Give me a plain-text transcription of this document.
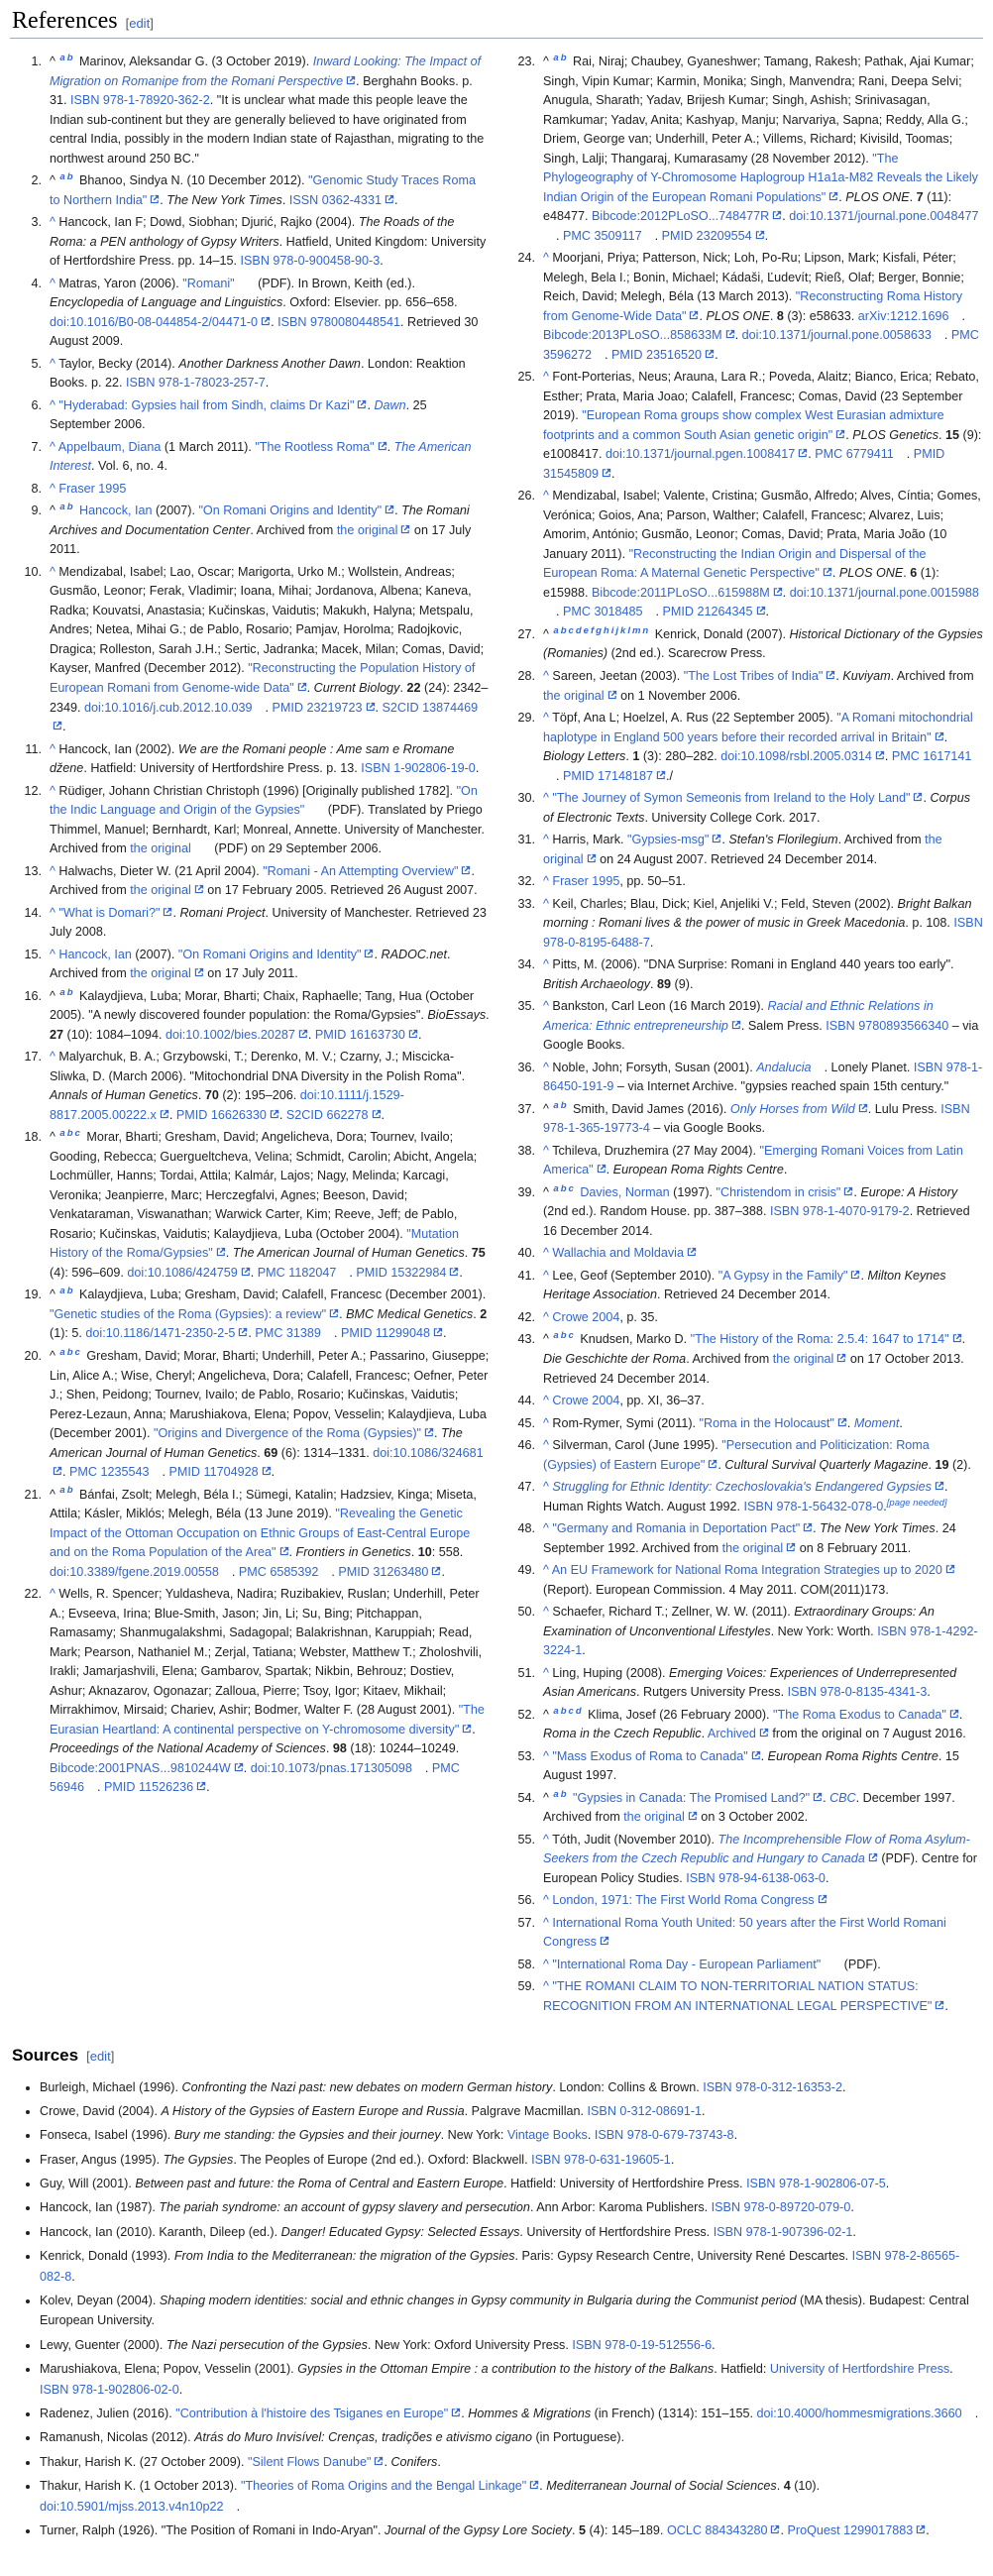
References [edit]
^ $^{a b}$ Marinov, Aleksandar G. (3 October 2019). Inward Looking: The Impact of Migration on Romanipe from the Romani Perspective . Berghahn Books. p. 31. ISBN 978-1-78920-362-2. "It is unclear what made this people leave the Indian sub-continent but they are generally believed to have originated from central India, possibly in the modern Indian state of Rajasthan, migrating to the northwest around 250 BC."
^ $^{a b}$ Bhanoo, Sindya N. (10 December 2012). "Genomic Study Traces Roma to Northern India" . The New York Times. ISSN 0362-4331 .
^ Hancock, Ian F; Dowd, Siobhan; Djurić, Rajko (2004). The Roads of the Roma: a PEN anthology of Gypsy Writers. Hatfield, United Kingdom: University of Hertfordshire Press. pp. 14–15. ISBN 978-0-900458-90-3.
^ Matras, Yaron (2006). "Romani"  (PDF). In Brown, Keith (ed.). Encyclopedia of Language and Linguistics. Oxford: Elsevier. pp. 656–658. doi:10.1016/B0-08-044854-2/04471-0 . ISBN 9780080448541. Retrieved 30 August 2009.
^ Taylor, Becky (2014). Another Darkness Another Dawn. London: Reaktion Books. p. 22. ISBN 978-1-78023-257-7.
^ "Hyderabad: Gypsies hail from Sindh, claims Dr Kazi" . Dawn. 25 September 2006.
^ Appelbaum, Diana (1 March 2011). "The Rootless Roma" . The American Interest. Vol. 6, no. 4.
^ Fraser 1995
^ $^{a b}$ Hancock, Ian (2007). "On Romani Origins and Identity" . The Romani Archives and Documentation Center. Archived from the original on 17 July 2011.
^ Mendizabal, Isabel; Lao, Oscar; Marigorta, Urko M.; Wollstein, Andreas; Gusmão, Leonor; Ferak, Vladimir; Ioana, Mihai; Jordanova, Albena; Kaneva, Radka; Kouvatsi, Anastasia; Kučinskas, Vaidutis; Makukh, Halyna; Metspalu, Andres; Netea, Mihai G.; de Pablo, Rosario; Pamjav, Horolma; Radojkovic, Dragica; Rolleston, Sarah J.H.; Sertic, Jadranka; Macek, Milan; Comas, David; Kayser, Manfred (December 2012). "Reconstructing the Population History of European Romani from Genome-wide Data" . Current Biology. 22 (24): 2342–2349. doi:10.1016/j.cub.2012.10.039 . PMID 23219723 . S2CID 13874469.
^ Hancock, Ian (2002). We are the Romani people : Ame sam e Rromane džene. Hatfield: University of Hertfordshire Press. p. 13. ISBN 1-902806-19-0.
^ Rüdiger, Johann Christian Christoph (1996) [Originally published 1782]. "On the Indic Language and Origin of the Gypsies"  (PDF). Translated by Priego Thimmel, Manuel; Bernhardt, Karl; Monreal, Annette. University of Manchester. Archived from the original  (PDF) on 29 September 2006.
^ Halwachs, Dieter W. (21 April 2004). "Romani - An Attempting Overview" . Archived from the original on 17 February 2005. Retrieved 26 August 2007.
^ "What is Domari?" . Romani Project. University of Manchester. Retrieved 23 July 2008.
^ Hancock, Ian (2007). "On Romani Origins and Identity" . RADOC.net. Archived from the original on 17 July 2011.
^ $^{a b}$ Kalaydjieva, Luba; Morar, Bharti; Chaix, Raphaelle; Tang, Hua (October 2005). "A newly discovered founder population: the Roma/Gypsies". BioEssays. 27 (10): 1084–1094. doi:10.1002/bies.20287 . PMID 16163730 .
^ Malyarchuk, B. A.; Grzybowski, T.; Derenko, M. V.; Czarny, J.; Miscicka-Sliwka, D. (March 2006). "Mitochondrial DNA Diversity in the Polish Roma". Annals of Human Genetics. 70 (2): 195–206. doi:10.1111/j.1529-8817.2005.00222.x . PMID 16626330 . S2CID 662278 .
^ $^{a b c}$ Morar, Bharti; Gresham, David; Angelicheva, Dora; Tournev, Ivailo; Gooding, Rebecca; Guergueltcheva, Velina; Schmidt, Carolin; Abicht, Angela; Lochmüller, Hanns; Tordai, Attila; Kalmár, Lajos; Nagy, Melinda; Karcagi, Veronika; Jeanpierre, Marc; Herczegfalvi, Agnes; Beeson, David; Venkataraman, Viswanathan; Warwick Carter, Kim; Reeve, Jeff; de Pablo, Rosario; Kučinskas, Vaidutis; Kalaydjieva, Luba (October 2004). "Mutation History of the Roma/Gypsies" . The American Journal of Human Genetics. 75 (4): 596–609. doi:10.1086/424759 . PMC 1182047 . PMID 15322984 .
^ $^{a b}$ Kalaydjieva, Luba; Gresham, David; Calafell, Francesc (December 2001). "Genetic studies of the Roma (Gypsies): a review" . BMC Medical Genetics. 2 (1): 5. doi:10.1186/1471-2350-2-5 . PMC 31389 . PMID 11299048 .
^ $^{a b c}$ Gresham, David; Morar, Bharti; Underhill, Peter A.; Passarino, Giuseppe; Lin, Alice A.; Wise, Cheryl; Angelicheva, Dora; Calafell, Francesc; Oefner, Peter J.; Shen, Peidong; Tournev, Ivailo; de Pablo, Rosario; Kučinskas, Vaidutis; Perez-Lezaun, Anna; Marushiakova, Elena; Popov, Vesselin; Kalaydjieva, Luba (December 2001). "Origins and Divergence of the Roma (Gypsies)" . The American Journal of Human Genetics. 69 (6): 1314–1331. doi:10.1086/324681. PMC 1235543 . PMID 11704928 .
^ $^{a b}$ Bánfai, Zsolt; Melegh, Béla I.; Sümegi, Katalin; Hadzsiev, Kinga; Miseta, Attila; Kásler, Miklós; Melegh, Béla (13 June 2019). "Revealing the Genetic Impact of the Ottoman Occupation on Ethnic Groups of East-Central Europe and on the Roma Population of the Area" . Frontiers in Genetics. 10: 558. doi:10.3389/fgene.2019.00558 . PMC 6585392 . PMID 31263480 .
^ Wells, R. Spencer; Yuldasheva, Nadira; Ruzibakiev, Ruslan; Underhill, Peter A.; Evseeva, Irina; Blue-Smith, Jason; Jin, Li; Su, Bing; Pitchappan, Ramasamy; Shanmugalakshmi, Sadagopal; Balakrishnan, Karuppiah; Read, Mark; Pearson, Nathaniel M.; Zerjal, Tatiana; Webster, Matthew T.; Zholoshvili, Irakli; Jamarjashvili, Elena; Gambarov, Spartak; Nikbin, Behrouz; Dostiev, Ashur; Aknazarov, Ogonazar; Zalloua, Pierre; Tsoy, Igor; Kitaev, Mikhail; Mirrakhimov, Mirsaid; Chariev, Ashir; Bodmer, Walter F. (28 August 2001). "The Eurasian Heartland: A continental perspective on Y-chromosome diversity" . Proceedings of the National Academy of Sciences. 98 (18): 10244–10249. Bibcode:2001PNAS...9810244W . doi:10.1073/pnas.171305098 . PMC 56946 . PMID 11526236 .
^ $^{a b}$ Rai, Niraj; Chaubey, Gyaneshwer; Tamang, Rakesh; Pathak, Ajai Kumar; Singh, Vipin Kumar; Karmin, Monika; Singh, Manvendra; Rani, Deepa Selvi; Anugula, Sharath; Yadav, Brijesh Kumar; Singh, Ashish; Srinivasagan, Ramkumar; Yadav, Anita; Kashyap, Manju; Narvariya, Sapna; Reddy, Alla G.; Driem, George van; Underhill, Peter A.; Villems, Richard; Kivisild, Toomas; Singh, Lalji; Thangaraj, Kumarasamy (28 November 2012). "The Phylogeography of Y-Chromosome Haplogroup H1a1a-M82 Reveals the Likely Indian Origin of the European Romani Populations" . PLOS ONE. 7 (11): e48477. Bibcode:2012PLoSO...748477R . doi:10.1371/journal.pone.0048477 . PMC 3509117 . PMID 23209554 .
^ Moorjani, Priya; Patterson, Nick; Loh, Po-Ru; Lipson, Mark; Kisfali, Péter; Melegh, Bela I.; Bonin, Michael; Kádaši, Ľudevít; Rieß, Olaf; Berger, Bonnie; Reich, David; Melegh, Béla (13 March 2013). "Reconstructing Roma History from Genome-Wide Data" . PLOS ONE. 8 (3): e58633. arXiv:1212.1696 . Bibcode:2013PLoSO...858633M . doi:10.1371/journal.pone.0058633 . PMC 3596272 . PMID 23516520 .
^ Font-Porterias, Neus; Arauna, Lara R.; Poveda, Alaitz; Bianco, Erica; Rebato, Esther; Prata, Maria Joao; Calafell, Francesc; Comas, David (23 September 2019). "European Roma groups show complex West Eurasian admixture footprints and a common South Asian genetic origin" . PLOS Genetics. 15 (9): e1008417. doi:10.1371/journal.pgen.1008417 . PMC 6779411 . PMID 31545809 .
^ Mendizabal, Isabel; Valente, Cristina; Gusmão, Alfredo; Alves, Cíntia; Gomes, Verónica; Goios, Ana; Parson, Walther; Calafell, Francesc; Alvarez, Luis; Amorim, António; Gusmão, Leonor; Comas, David; Prata, Maria João (10 January 2011). "Reconstructing the Indian Origin and Dispersal of the European Roma: A Maternal Genetic Perspective" . PLOS ONE. 6 (1): e15988. Bibcode:2011PLoSO...615988M . doi:10.1371/journal.pone.0015988 . PMC 3018485 . PMID 21264345 .
^ $^{a b c d e f g h i j k l m n}$ Kenrick, Donald (2007). Historical Dictionary of the Gypsies (Romanies) (2nd ed.). Scarecrow Press.
^ Sareen, Jeetan (2003). "The Lost Tribes of India" . Kuviyam. Archived from the original on 1 November 2006.
^ Töpf, Ana L; Hoelzel, A. Rus (22 September 2005). "A Romani mitochondrial haplotype in England 500 years before their recorded arrival in Britain" . Biology Letters. 1 (3): 280–282. doi:10.1098/rsbl.2005.0314 . PMC 1617141 . PMID 17148187 ./
^ "The Journey of Symon Semeonis from Ireland to the Holy Land" . Corpus of Electronic Texts. University College Cork. 2017.
^ Harris, Mark. "Gypsies-msg" . Stefan's Florilegium. Archived from the original on 24 August 2007. Retrieved 24 December 2014.
^ Fraser 1995, pp. 50–51.
^ Keil, Charles; Blau, Dick; Kiel, Anjeliki V.; Feld, Steven (2002). Bright Balkan morning : Romani lives & the power of music in Greek Macedonia. p. 108. ISBN 978-0-8195-6488-7.
^ Pitts, M. (2006). "DNA Surprise: Romani in England 440 years too early". British Archaeology. 89 (9).
^ Bankston, Carl Leon (16 March 2019). Racial and Ethnic Relations in America: Ethnic entrepreneurship . Salem Press. ISBN 9780893566340 – via Google Books.
^ Noble, John; Forsyth, Susan (2001). Andalucia . Lonely Planet. ISBN 978-1-86450-191-9 – via Internet Archive. "gypsies reached spain 15th century."
^ $^{a b}$ Smith, David James (2016). Only Horses from Wild . Lulu Press. ISBN 978-1-365-19773-4 – via Google Books.
^ Tchileva, Druzhemira (27 May 2004). "Emerging Romani Voices from Latin America" . European Roma Rights Centre.
^ $^{a b c}$ Davies, Norman (1997). "Christendom in crisis" . Europe: A History (2nd ed.). Random House. pp. 387–388. ISBN 978-1-4070-9179-2. Retrieved 16 December 2014.
^ Wallachia and Moldavia
^ Lee, Geof (September 2010). "A Gypsy in the Family" . Milton Keynes Heritage Association. Retrieved 24 December 2014.
^ Crowe 2004, p. 35.
^ $^{a b c}$ Knudsen, Marko D. "The History of the Roma: 2.5.4: 1647 to 1714" . Die Geschichte der Roma. Archived from the original on 17 October 2013. Retrieved 24 December 2014.
^ Crowe 2004, pp. XI, 36–37.
^ Rom-Rymer, Symi (2011). "Roma in the Holocaust" . Moment.
^ Silverman, Carol (June 1995). "Persecution and Politicization: Roma (Gypsies) of Eastern Europe" . Cultural Survival Quarterly Magazine. 19 (2).
^ Struggling for Ethnic Identity: Czechoslovakia's Endangered Gypsies . Human Rights Watch. August 1992. ISBN 978-1-56432-078-0.[page needed]
^ "Germany and Romania in Deportation Pact" . The New York Times. 24 September 1992. Archived from the original on 8 February 2011.
^ An EU Framework for National Roma Integration Strategies up to 2020 (Report). European Commission. 4 May 2011. COM(2011)173.
^ Schaefer, Richard T.; Zellner, W. W. (2011). Extraordinary Groups: An Examination of Unconventional Lifestyles. New York: Worth. ISBN 978-1-4292-3224-1.
^ Ling, Huping (2008). Emerging Voices: Experiences of Underrepresented Asian Americans. Rutgers University Press. ISBN 978-0-8135-4341-3.
^ $^{a b c d}$ Klima, Josef (26 February 2000). "The Roma Exodus to Canada" . Roma in the Czech Republic. Archived from the original on 7 August 2016.
^ "Mass Exodus of Roma to Canada" . European Roma Rights Centre. 15 August 1997.
^ $^{a b}$ "Gypsies in Canada: The Promised Land?" . CBC. December 1997. Archived from the original on 3 October 2002.
^ Tóth, Judit (November 2010). The Incomprehensible Flow of Roma Asylum-Seekers from the Czech Republic and Hungary to Canada (PDF). Centre for European Policy Studies. ISBN 978-94-6138-063-0.
^ London, 1971: The First World Roma Congress
^ International Roma Youth United: 50 years after the First World Romani Congress
^ "International Roma Day - European Parliament"  (PDF).
^ "THE ROMANI CLAIM TO NON-TERRITORIAL NATION STATUS: RECOGNITION FROM AN INTERNATIONAL LEGAL PERSPECTIVE" .
Sources [edit]
• Burleigh, Michael (1996). Confronting the Nazi past: new debates on modern German history. London: Collins & Brown. ISBN 978-0-312-16353-2.
• Crowe, David (2004). A History of the Gypsies of Eastern Europe and Russia. Palgrave Macmillan. ISBN 0-312-08691-1.
• Fonseca, Isabel (1996). Bury me standing: the Gypsies and their journey. New York: Vintage Books. ISBN 978-0-679-73743-8.
• Fraser, Angus (1995). The Gypsies. The Peoples of Europe (2nd ed.). Oxford: Blackwell. ISBN 978-0-631-19605-1.
• Guy, Will (2001). Between past and future: the Roma of Central and Eastern Europe. Hatfield: University of Hertfordshire Press. ISBN 978-1-902806-07-5.
• Hancock, Ian (1987). The pariah syndrome: an account of gypsy slavery and persecution. Ann Arbor: Karoma Publishers. ISBN 978-0-89720-079-0.
• Hancock, Ian (2010). Karanth, Dileep (ed.). Danger! Educated Gypsy: Selected Essays. University of Hertfordshire Press. ISBN 978-1-907396-02-1.
• Kenrick, Donald (1993). From India to the Mediterranean: the migration of the Gypsies. Paris: Gypsy Research Centre, University René Descartes. ISBN 978-2-86565-082-8.
• Kolev, Deyan (2004). Shaping modern identities: social and ethnic changes in Gypsy community in Bulgaria during the Communist period (MA thesis). Budapest: Central European University.
• Lewy, Guenter (2000). The Nazi persecution of the Gypsies. New York: Oxford University Press. ISBN 978-0-19-512556-6.
• Marushiakova, Elena; Popov, Vesselin (2001). Gypsies in the Ottoman Empire : a contribution to the history of the Balkans. Hatfield: University of Hertfordshire Press. ISBN 978-1-902806-02-0.
• Radenez, Julien (2016). "Contribution à l'histoire des Tsiganes en Europe" . Hommes & Migrations (in French) (1314): 151–155. doi:10.4000/hommesmigrations.3660 .
• Ramanush, Nicolas (2012). Atrás do Muro Invisível: Crenças, tradições e ativismo cigano (in Portuguese).
• Thakur, Harish K. (27 October 2009). "Silent Flows Danube" . Conifers.
• Thakur, Harish K. (1 October 2013). "Theories of Roma Origins and the Bengal Linkage" . Mediterranean Journal of Social Sciences. 4 (10). doi:10.5901/mjss.2013.v4n10p22 .
• Turner, Ralph (1926). "The Position of Romani in Indo-Aryan". Journal of the Gypsy Lore Society. 5 (4): 145–189. OCLC 884343280 . ProQuest 1299017883 .
